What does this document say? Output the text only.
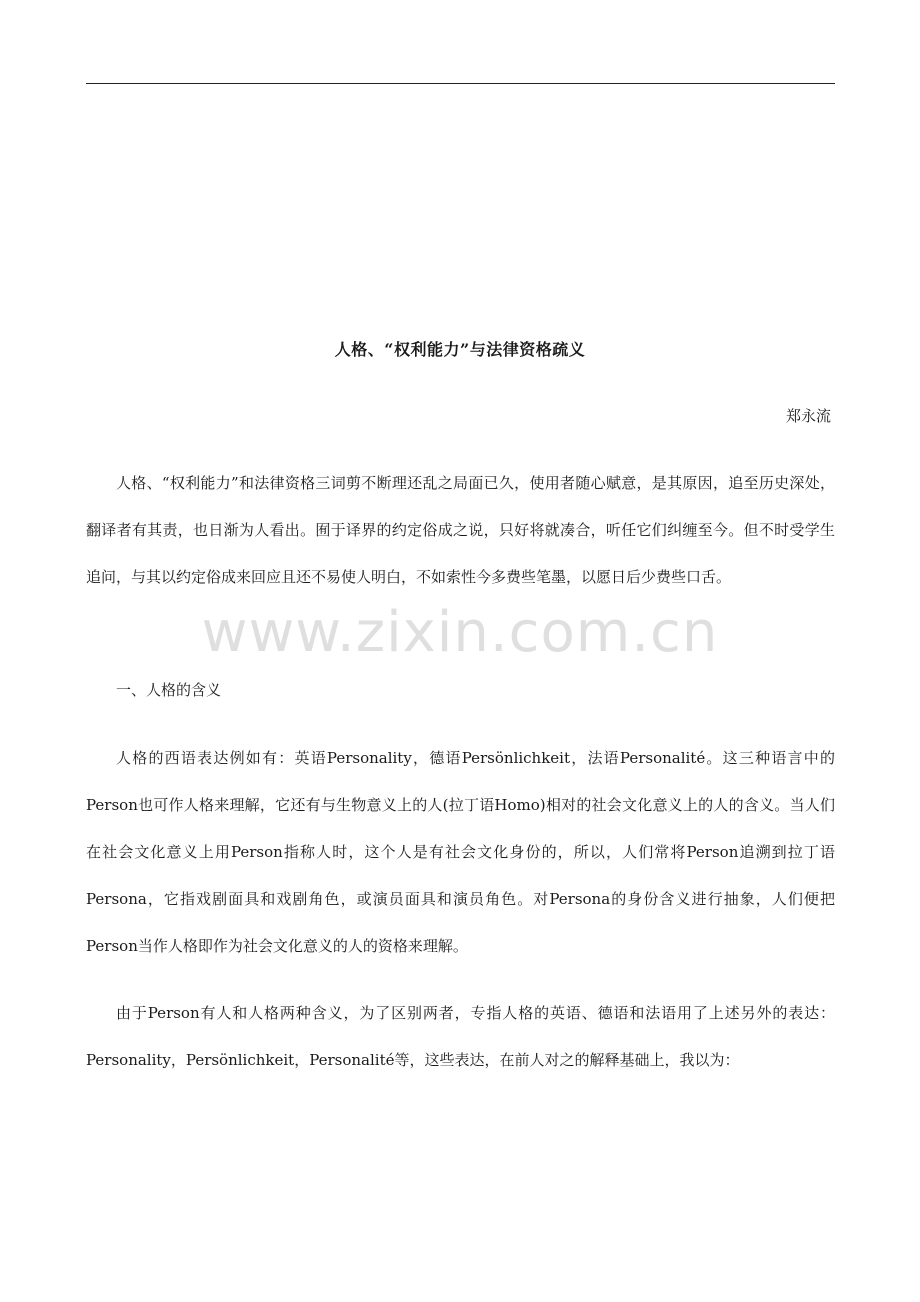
人格、“权利能力”与法律资格疏义
郑永流

人格、“权利能力”和法律资格三词剪不断理还乱之局面已久，使用者随心赋意，是其原因，追至历史深处，翻译者有其责，也日渐为人看出。囿于译界的约定俗成之说，只好将就凑合，听任它们纠缠至今。但不时受学生追问，与其以约定俗成来回应且还不易使人明白，不如索性今多费些笔墨，以愿日后少费些口舌。

一、人格的含义

人格的西语表达例如有：英语Personality，德语Persönlichkeit，法语Personalité。这三种语言中的Person也可作人格来理解，它还有与生物意义上的人(拉丁语Homo)相对的社会文化意义上的人的含义。当人们在社会文化意义上用Person指称人时，这个人是有社会文化身份的，所以，人们常将Person追溯到拉丁语Persona，它指戏剧面具和戏剧角色，或演员面具和演员角色。对Persona的身份含义进行抽象，人们便把Person当作人格即作为社会文化意义的人的资格来理解。

由于Person有人和人格两种含义，为了区别两者，专指人格的英语、德语和法语用了上述另外的表达：Personality，Persönlichkeit，Personalité等，这些表达，在前人对之的解释基础上，我以为：

www.zixin.com.cn
